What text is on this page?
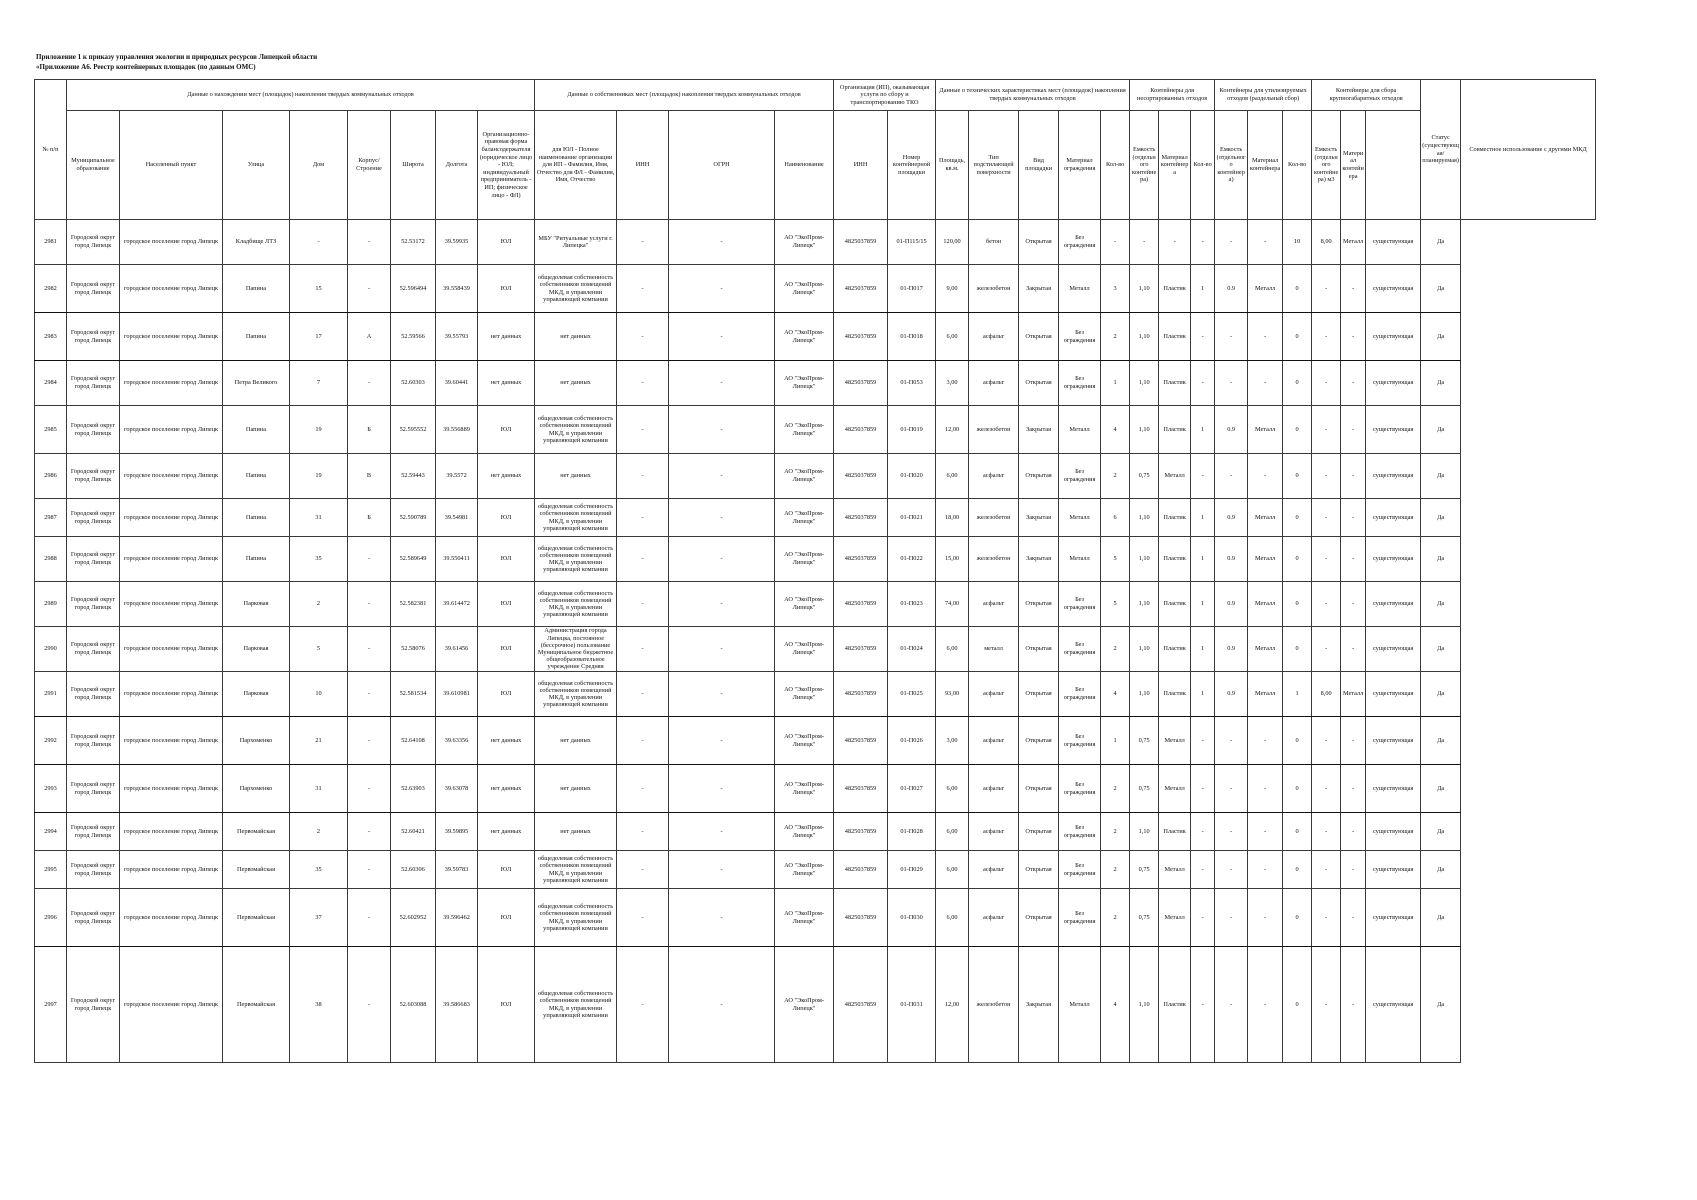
Приложение 1 к приказу управления экологии и природных ресурсов Липецкой области
«Приложение А6. Реестр контейнерных площадок (по данным ОМС)
№ п/п	Данные о нахождении мест (площадок) накопления твердых коммунальных отходов								Данные о собственниках мест (площадок) накопления твердых коммунальных отходов				Организация (ИП), оказывающая услуги по сбору и транспортированию ТКО		Данные о технических характеристиках мест (площадок) накопления твердых коммунальных отходов					Контейнеры для несортированных отходов			Контейнеры для утилизируемых отходов (раздельный сбор)			Контейнеры для сбора крупногабаритных отходов			Статус (существующая/планируемая)	Совместное использование с другими МКД
	Муниципальное образование	Населенный пункт	Улица	Дом	Корпус/Строение	Широта	Долгота	Организационно-правовая форма балансодержателя (юридическое лицо - ЮЛ; индивидуальный предприниматель - ИП; физическое лицо - ФЛ)	для ЮЛ - Полное наименование организации для ИП - Фамилия, Имя, Отчество для ФЛ - Фамилия, Имя, Отчество	ИНН	ОГРН	Наименование	ИНН	Номер контейнерной площадки	Площадь, кв.м.	Тип подстилающей поверхности	Вид площадки	Материал ограждения	Кол-во	Емкость (отдельного контейнера)	Материал контейнера	Кол-во	Емкость (отдельного контейнера)	Материал контейнера	Кол-во	Емкость (отдельного контейнера) м3	Материал контейнера			
2981	Городской округ город Липецк	городское поселение город Липецк	Кладбище ЛТЗ	-	-	52.53172	39.59935	ЮЛ	МБУ "Ритуальные услуги г. Липецка"	-	-	АО "ЭкоПром-Липецк"	4825037859	01-П115/15	120,00	бетон	Открытая	Без ограждения	-	-	-	-	-	-	10	8,00	Металл	существующая	Да	
2982	Городской округ город Липецк	городское поселение город Липецк	Папина	15	-	52.596494	39.558439	ЮЛ	общедолевая собственность собственников помещений МКД, в управлении управляющей компании	-	-	АО "ЭкоПром-Липецк"	4825037859	01-П017	9,00	железобетон	Закрытая	Металл	3	1,10	Пластик	1	0.9	Металл	0	-	-	существующая	Да	
2983	Городской округ город Липецк	городское поселение город Липецк	Папина	17	А	52.59566	39.55793	нет данных	нет данных	-	-	АО "ЭкоПром-Липецк"	4825037859	01-П018	6,00	асфальт	Открытая	Без ограждения	2	1,10	Пластик	-	-	-	0	-	-	существующая	Да	
2984	Городской округ город Липецк	городское поселение город Липецк	Петра Великого	7	-	52.60303	39.60441	нет данных	нет данных	-	-	АО "ЭкоПром-Липецк"	4825037859	01-П053	3,00	асфальт	Открытая	Без ограждения	1	1,10	Пластик	-	-	-	0	-	-	существующая	Да	
2985	Городской округ город Липецк	городское поселение город Липецк	Папина	19	Б	52.595552	39.556889	ЮЛ	общедолевая собственность собственников помещений МКД, в управлении управляющей компании	-	-	АО "ЭкоПром-Липецк"	4825037859	01-П019	12,00	железобетон	Закрытая	Металл	4	1,10	Пластик	1	0.9	Металл	0	-	-	существующая	Да	
2986	Городской округ город Липецк	городское поселение город Липецк	Папина	19	В	52.59443	39.5572	нет данных	нет данных	-	-	АО "ЭкоПром-Липецк"	4825037859	01-П020	6,00	асфальт	Открытая	Без ограждения	2	0,75	Металл	-	-	-	0	-	-	существующая	Да	
2987	Городской округ город Липецк	городское поселение город Липецк	Папина	31	Б	52.590789	39.54981	ЮЛ	общедолевая собственность собственников помещений МКД, в управлении управляющей компании	-	-	АО "ЭкоПром-Липецк"	4825037859	01-П021	18,00	железобетон	Закрытая	Металл	6	1,10	Пластик	1	0.9	Металл	0	-	-	существующая	Да	
2988	Городской округ город Липецк	городское поселение город Липецк	Папина	35	-	52.589649	39.550411	ЮЛ	общедолевая собственность собственников помещений МКД, в управлении управляющей компании	-	-	АО "ЭкоПром-Липецк"	4825037859	01-П022	15,00	железобетон	Закрытая	Металл	5	1,10	Пластик	1	0.9	Металл	0	-	-	существующая	Да	
2989	Городской округ город Липецк	городское поселение город Липецк	Парковая	2	-	52.582381	39.614472	ЮЛ	общедолевая собственность собственников помещений МКД, в управлении управляющей компании	-	-	АО "ЭкоПром-Липецк"	4825037859	01-П023	74,00	асфальт	Открытая	Без ограждения	5	1,10	Пластик	1	0.9	Металл	0	-	-	существующая	Да	
2990	Городской округ город Липецк	городское поселение город Липецк	Парковая	5	-	52.58076	39.61456	ЮЛ	Администрация города Липецка, постоянное (бессрочное) пользование Муниципальное бюджетное общеобразовательное учреждение Средняя	-	-	АО "ЭкоПром-Липецк"	4825037859	01-П024	6,00	металл	Открытая	Без ограждения	2	1,10	Пластик	1	0.9	Металл	0	-	-	существующая	Да	
2991	Городской округ город Липецк	городское поселение город Липецк	Парковая	10	-	52.581534	39.610981	ЮЛ	общедолевая собственность собственников помещений МКД, в управлении управляющей компании	-	-	АО "ЭкоПром-Липецк"	4825037859	01-П025	93,00	асфальт	Открытая	Без ограждения	4	1,10	Пластик	1	0.9	Металл	1	8,00	Металл	существующая	Да	
2992	Городской округ город Липецк	городское поселение город Липецк	Пархоменко	21	-	52.64108	39.63356	нет данных	нет данных	-	-	АО "ЭкоПром-Липецк"	4825037859	01-П026	3,00	асфальт	Открытая	Без ограждения	1	0,75	Металл	-	-	-	0	-	-	существующая	Да	
2993	Городской округ город Липецк	городское поселение город Липецк	Пархоменко	31	-	52.63903	39.63078	нет данных	нет данных	-	-	АО "ЭкоПром-Липецк"	4825037859	01-П027	6,00	асфальт	Открытая	Без ограждения	2	0,75	Металл	-	-	-	0	-	-	существующая	Да	
2994	Городской округ город Липецк	городское поселение город Липецк	Первомайская	2	-	52.60421	39.59895	нет данных	нет данных	-	-	АО "ЭкоПром-Липецк"	4825037859	01-П028	6,00	асфальт	Открытая	Без ограждения	2	1,10	Пластик	-	-	-	0	-	-	существующая	Да	
2995	Городской округ город Липецк	городское поселение город Липецк	Первомайская	35	-	52.60306	39.59783	ЮЛ	общедолевая собственность собственников помещений МКД, в управлении управляющей компании	-	-	АО "ЭкоПром-Липецк"	4825037859	01-П029	6,00	асфальт	Открытая	Без ограждения	2	0,75	Металл	-	-	-	0	-	-	существующая	Да	
2996	Городской округ город Липецк	городское поселение город Липецк	Первомайская	37	-	52.602952	39.596462	ЮЛ	общедолевая собственность собственников помещений МКД, в управлении управляющей компании	-	-	АО "ЭкоПром-Липецк"	4825037859	01-П030	6,00	асфальт	Открытая	Без ограждения	2	0,75	Металл	-	-	-	0	-	-	существующая	Да	
2997	Городской округ город Липецк	городское поселение город Липецк	Первомайская	38	-	52.603088	39.586683	ЮЛ	общедолевая собственность собственников помещений МКД, в управлении управляющей компании	-	-	АО "ЭкоПром-Липецк"	4825037859	01-П031	12,00	железобетон	Закрытая	Металл	4	1,10	Пластик	-	-	-	0	-	-	существующая	Да	
